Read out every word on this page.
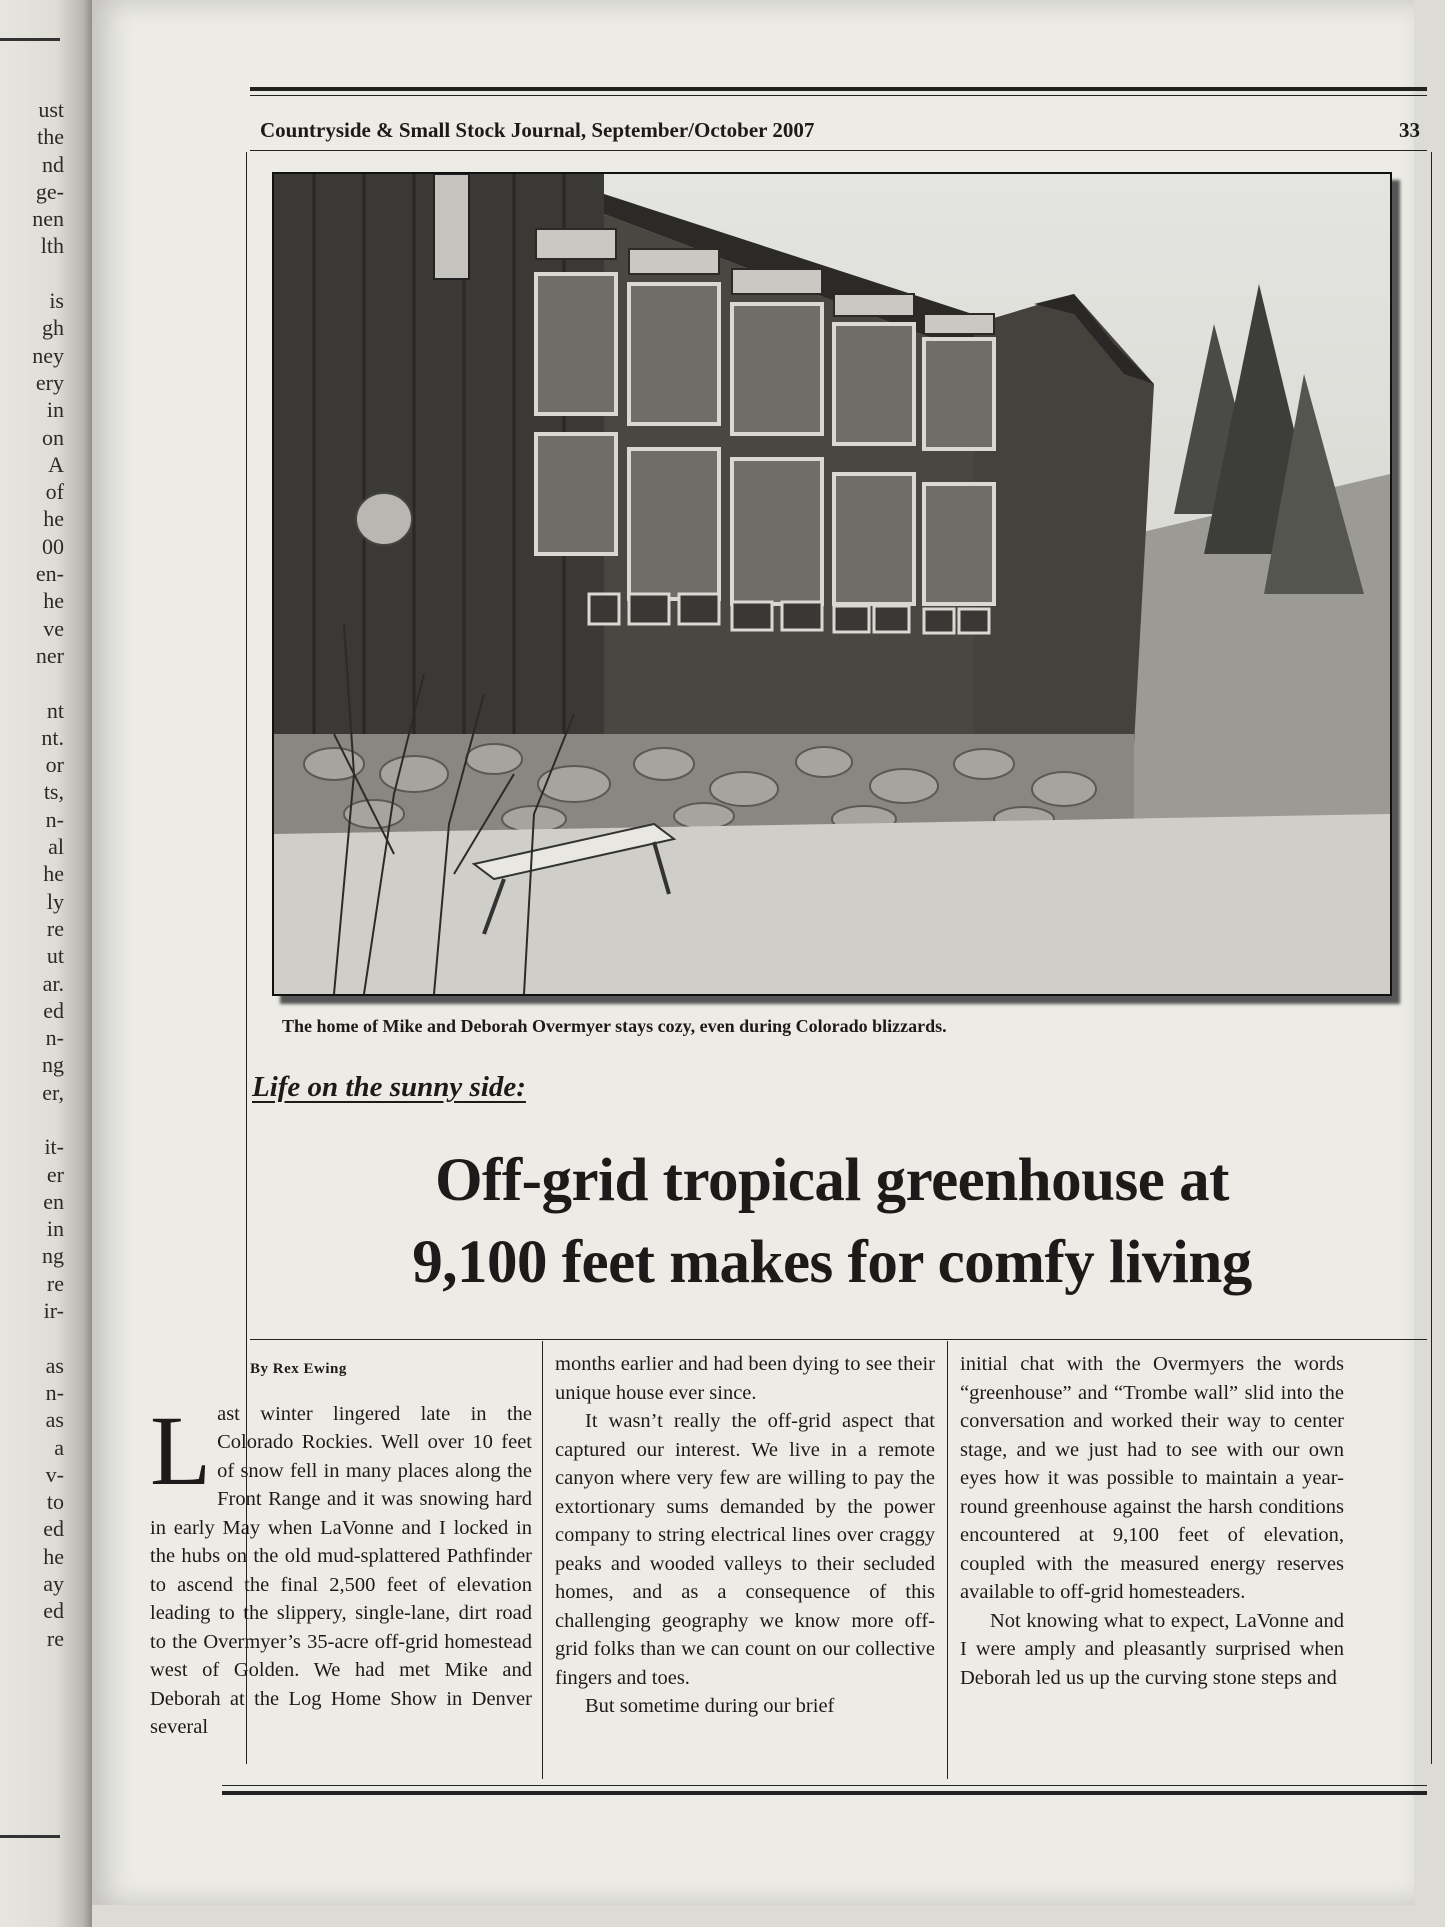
ust
the
nd
ge-
nen
lth
is
gh
ney
ery
in
on
A
of
he
00
en-
he
ve
ner
nt
nt.
or
ts,
n-
al
he
ly
re
ut
ar.
ed
n-
ng
er,
it-
er
en
in
ng
re
ir-
as
n-
as
a
v-
to
ed
he
ay
ed
re
Countryside & Small Stock Journal, September/October 2007	33
The home of Mike and Deborah Overmyer stays cozy, even during Colorado blizzards.
Life on the sunny side:
Off-grid tropical greenhouse at
9,100 feet makes for comfy living
By Rex Ewing

Last winter lingered late in the Colorado Rockies. Well over 10 feet of snow fell in many places along the Front Range and it was snowing hard in early May when LaVonne and I locked in the hubs on the old mud-splattered Pathfinder to ascend the final 2,500 feet of elevation leading to the slippery, single-lane, dirt road to the Overmyer’s 35-acre off-grid homestead west of Golden. We had met Mike and Deborah at the Log Home Show in Denver several

months earlier and had been dying to see their unique house ever since.

It wasn’t really the off-grid aspect that captured our interest. We live in a remote canyon where very few are willing to pay the extortionary sums demanded by the power company to string electrical lines over craggy peaks and wooded valleys to their secluded homes, and as a consequence of this challenging geography we know more off-grid folks than we can count on our collective fingers and toes.

But sometime during our brief

initial chat with the Overmyers the words “greenhouse” and “Trombe wall” slid into the conversation and worked their way to center stage, and we just had to see with our own eyes how it was possible to maintain a year-round greenhouse against the harsh conditions encountered at 9,100 feet of elevation, coupled with the measured energy reserves available to off-grid homesteaders.

Not knowing what to expect, LaVonne and I were amply and pleasantly surprised when Deborah led us up the curving stone steps and
